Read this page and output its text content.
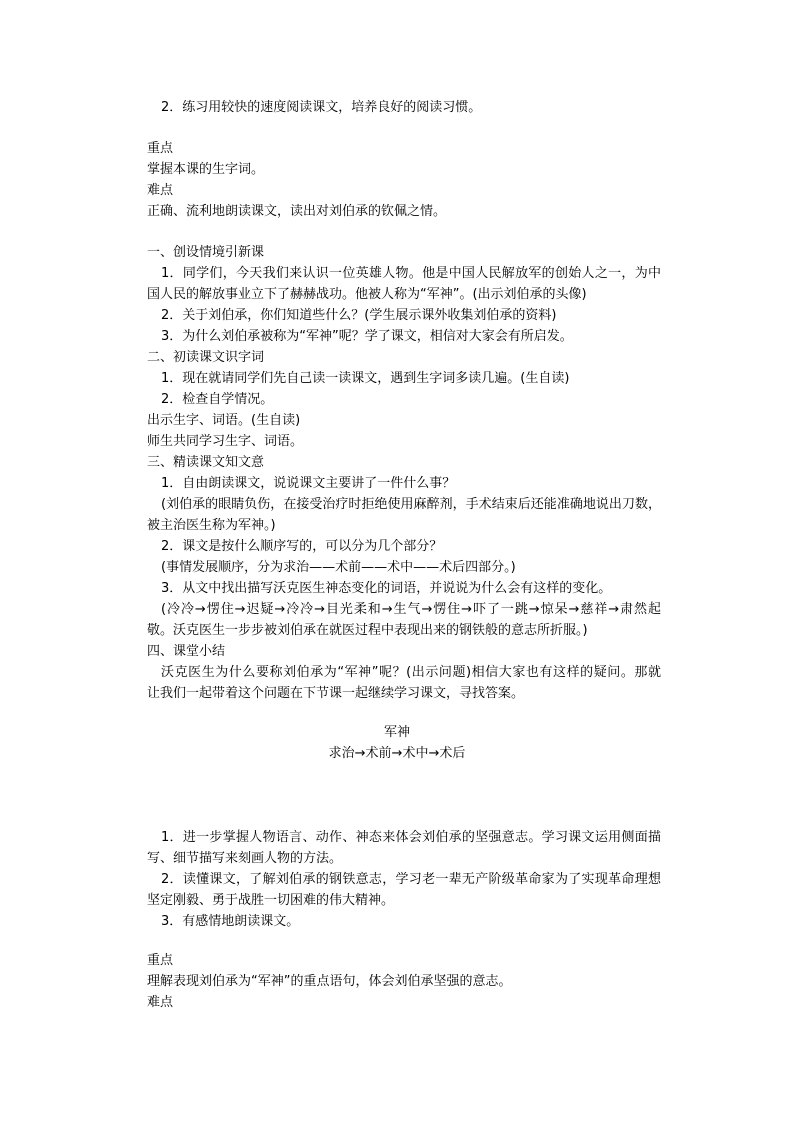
2．练习用较快的速度阅读课文，培养良好的阅读习惯。
重点
掌握本课的生字词。
难点
正确、流利地朗读课文，读出对刘伯承的钦佩之情。
一、创设情境引新课
1．同学们，今天我们来认识一位英雄人物。他是中国人民解放军的创始人之一，为中
国人民的解放事业立下了赫赫战功。他被人称为“军神”。(出示刘伯承的头像)
2．关于刘伯承，你们知道些什么？(学生展示课外收集刘伯承的资料)
3．为什么刘伯承被称为“军神”呢？学了课文，相信对大家会有所启发。
二、初读课文识字词
1．现在就请同学们先自己读一读课文，遇到生字词多读几遍。(生自读)
2．检查自学情况。
出示生字、词语。(生自读)
师生共同学习生字、词语。
三、精读课文知文意
1．自由朗读课文，说说课文主要讲了一件什么事？
(刘伯承的眼睛负伤，在接受治疗时拒绝使用麻醉剂，手术结束后还能准确地说出刀数，
被主治医生称为军神。)
2．课文是按什么顺序写的，可以分为几个部分？
(事情发展顺序，分为求治——术前——术中——术后四部分。)
3．从文中找出描写沃克医生神态变化的词语，并说说为什么会有这样的变化。
(冷冷→愣住→迟疑→冷冷→目光柔和→生气→愣住→吓了一跳→惊呆→慈祥→肃然起
敬。沃克医生一步步被刘伯承在就医过程中表现出来的钢铁般的意志所折服。)
四、课堂小结
沃克医生为什么要称刘伯承为“军神”呢？(出示问题)相信大家也有这样的疑问。那就
让我们一起带着这个问题在下节课一起继续学习课文，寻找答案。
军神
求治→术前→术中→术后
1．进一步掌握人物语言、动作、神态来体会刘伯承的坚强意志。学习课文运用侧面描
写、细节描写来刻画人物的方法。
2．读懂课文，了解刘伯承的钢铁意志，学习老一辈无产阶级革命家为了实现革命理想
坚定刚毅、勇于战胜一切困难的伟大精神。
3．有感情地朗读课文。
重点
理解表现刘伯承为“军神”的重点语句，体会刘伯承坚强的意志。
难点
